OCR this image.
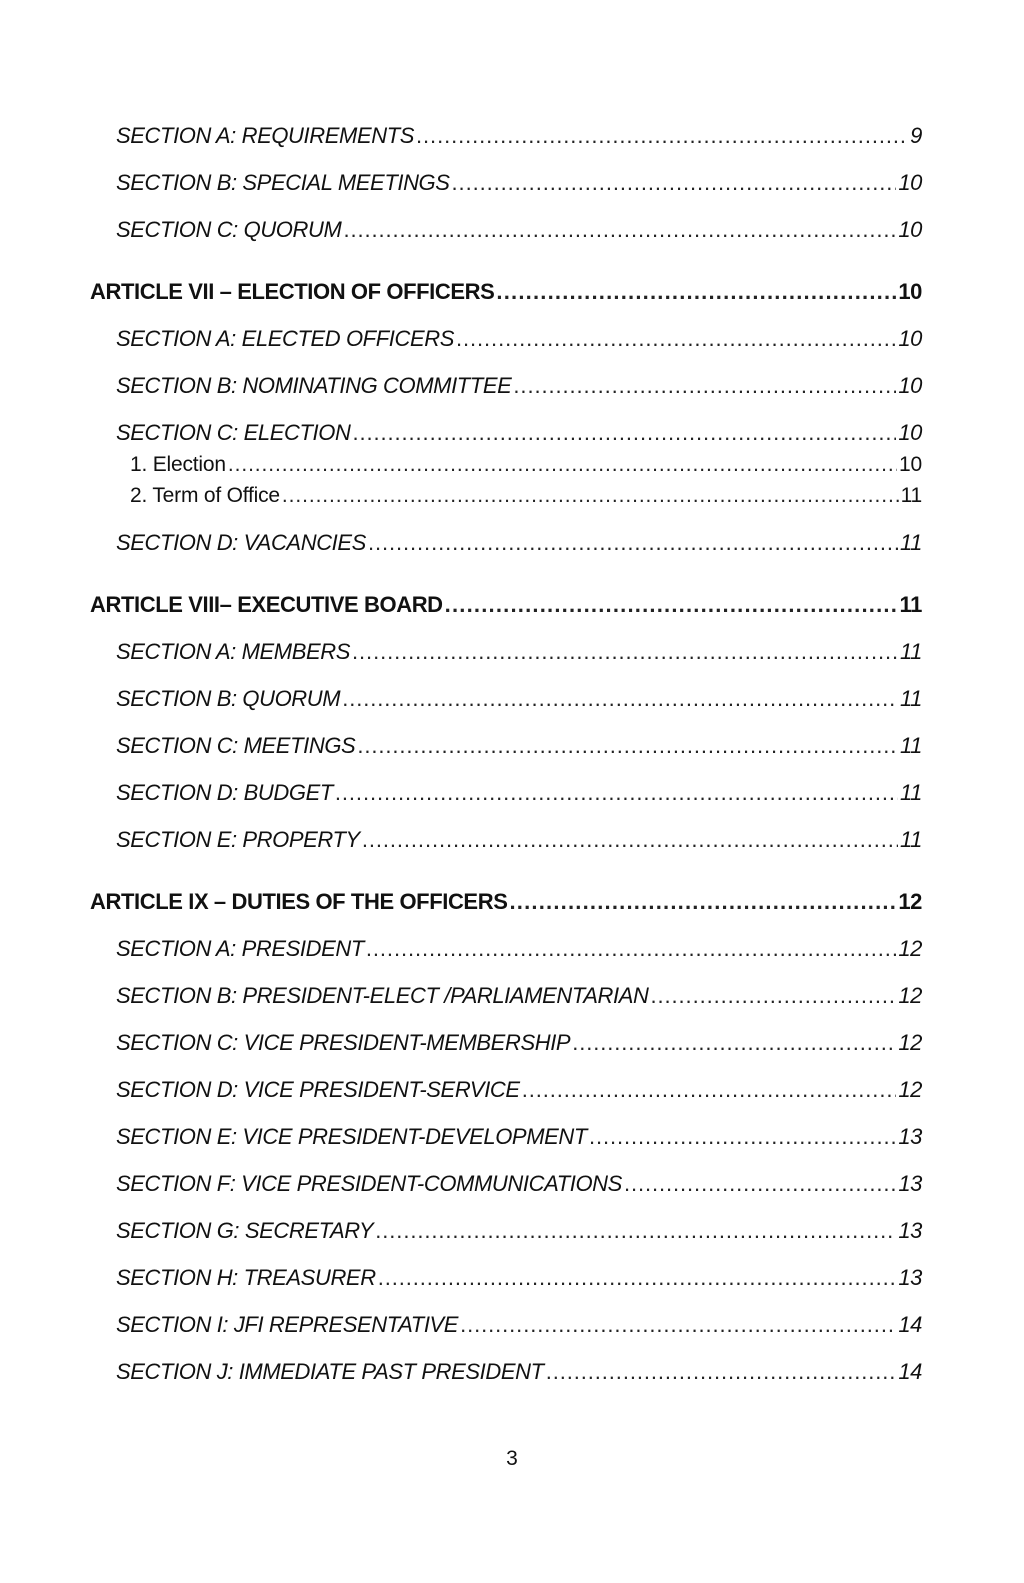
SECTION A: REQUIREMENTS .....	9
SECTION B: SPECIAL MEETINGS .....	10
SECTION C: QUORUM .....	10
ARTICLE VII – ELECTION OF OFFICERS .....	10
SECTION A: ELECTED OFFICERS .....	10
SECTION B: NOMINATING COMMITTEE .....	10
SECTION C: ELECTION .....	10
1. Election .....	10
2. Term of Office .....	11
SECTION D: VACANCIES .....	11
ARTICLE VIII– EXECUTIVE BOARD .....	11
SECTION A: MEMBERS .....	11
SECTION B: QUORUM .....	11
SECTION C: MEETINGS .....	11
SECTION D: BUDGET .....	11
SECTION E: PROPERTY .....	11
ARTICLE IX – DUTIES OF THE OFFICERS .....	12
SECTION A: PRESIDENT .....	12
SECTION B: PRESIDENT-ELECT /PARLIAMENTARIAN .....	12
SECTION C: VICE PRESIDENT-MEMBERSHIP .....	12
SECTION D: VICE PRESIDENT-SERVICE .....	12
SECTION E: VICE PRESIDENT-DEVELOPMENT .....	13
SECTION F: VICE PRESIDENT-COMMUNICATIONS .....	13
SECTION G: SECRETARY .....	13
SECTION H: TREASURER .....	13
SECTION I: JFI REPRESENTATIVE .....	14
SECTION J: IMMEDIATE PAST PRESIDENT .....	14
3
